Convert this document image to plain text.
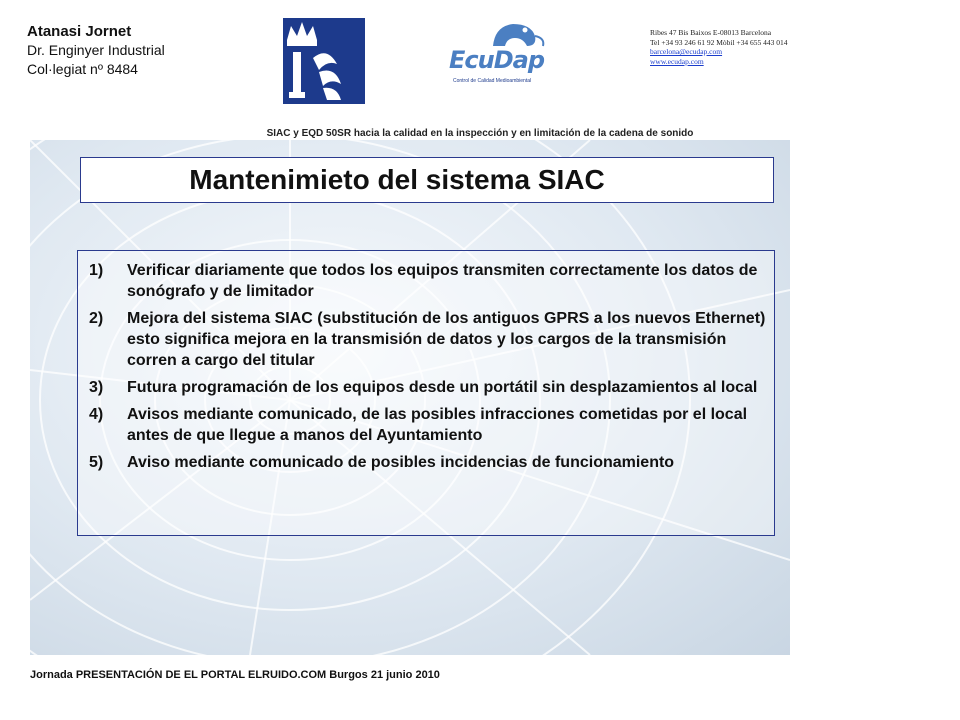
Atanasi Jornet
Dr. Enginyer Industrial
Col·legiat nº 8484	EcuDap
Control de Calidad Medioambiental
Ribes 47 Bis Baixos E-08013 Barcelona
Tel +34 93 246 61 92 Mòbil +34 655 443 014
barcelona@ecudap.com
www.ecudap.com
SIAC y EQD 50SR hacia la calidad en la inspección y en limitación de la cadena de sonido
Mantenimieto del sistema SIAC
1)	Verificar diariamente que todos los equipos transmiten correctamente los datos de sonógrafo y de limitador
2)	Mejora del sistema SIAC (substitución de los antiguos GPRS a los nuevos Ethernet) esto significa mejora en la transmisión de datos y los cargos de la transmisión corren a cargo del titular
3)	Futura programación de los equipos desde un portátil sin desplazamientos al local
4)	Avisos mediante comunicado, de las posibles infracciones cometidas por el local antes de que llegue a manos del Ayuntamiento
5)	Aviso mediante comunicado de posibles incidencias de funcionamiento
Jornada PRESENTACIÓN DE EL PORTAL ELRUIDO.COM Burgos 21 junio 2010
